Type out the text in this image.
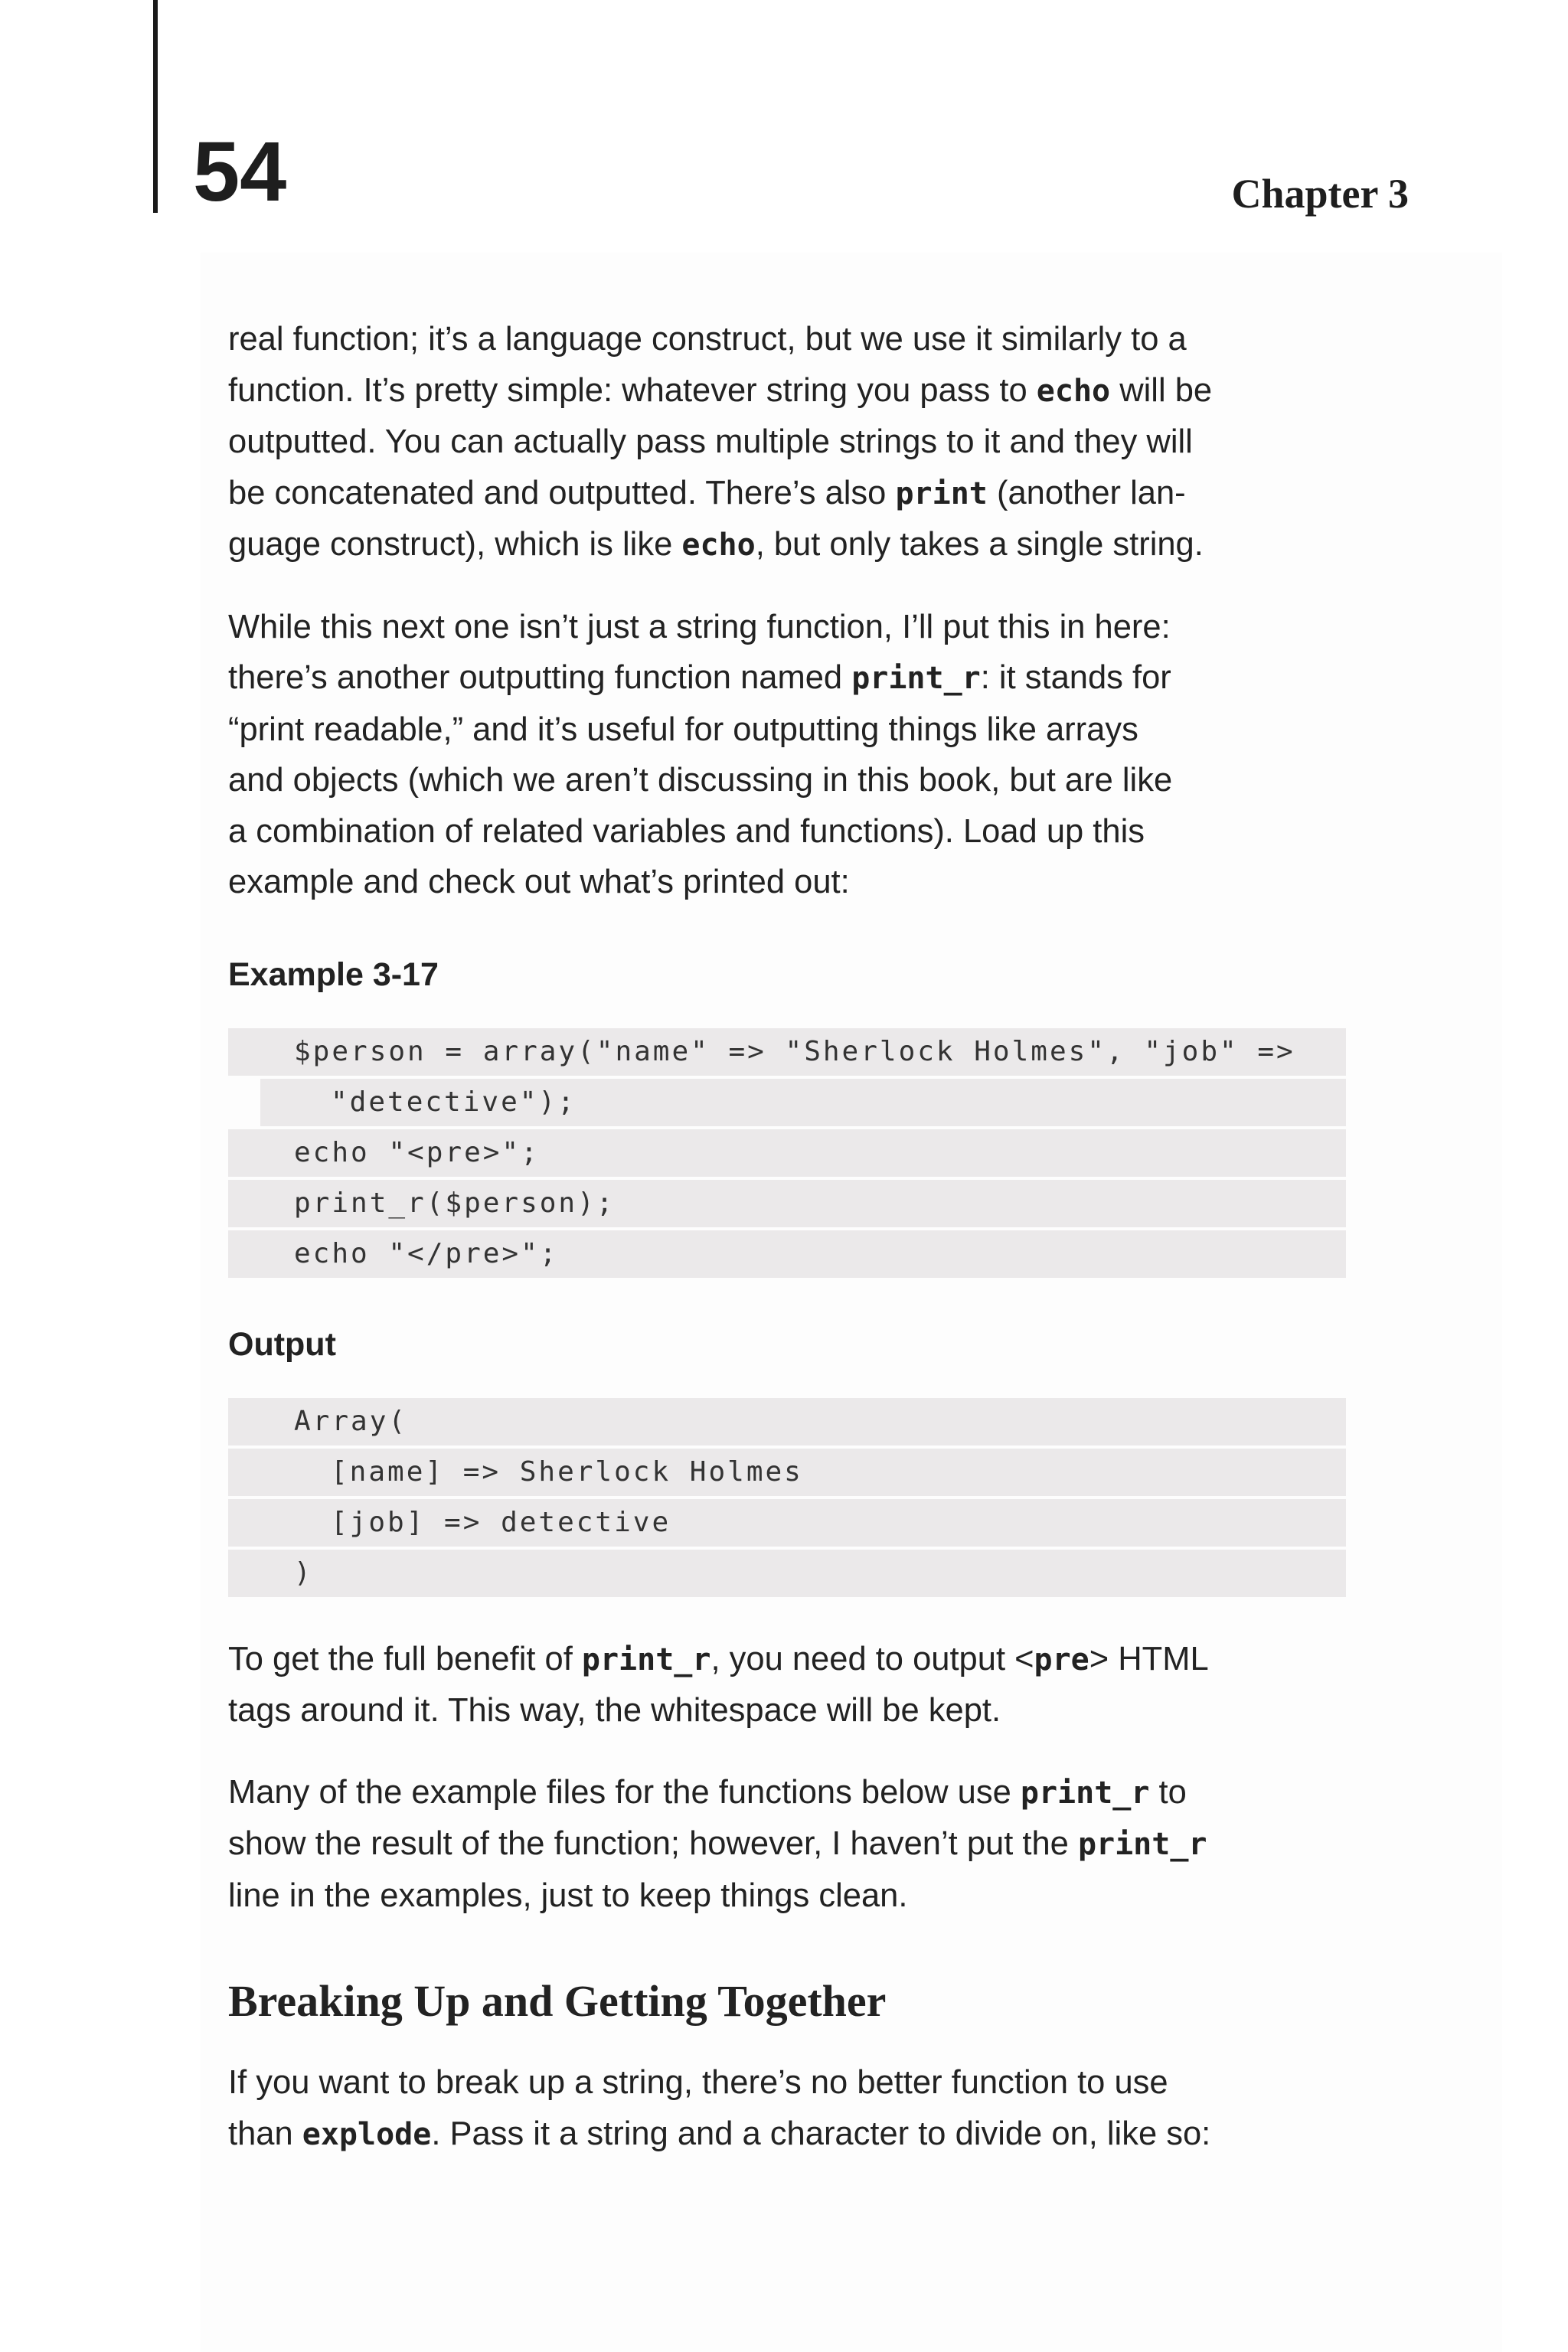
54	Chapter 3

real function; it’s a language construct, but we use it similarly to a
function. It’s pretty simple: whatever string you pass to echo will be
outputted. You can actually pass multiple strings to it and they will
be concatenated and outputted. There’s also print (another lan-
guage construct), which is like echo, but only takes a single string.

While this next one isn’t just a string function, I’ll put this in here:
there’s another outputting function named print_r: it stands for
“print readable,” and it’s useful for outputting things like arrays
and objects (which we aren’t discussing in this book, but are like
a combination of related variables and functions). Load up this
example and check out what’s printed out:

Example 3-17
$person = array("name" => "Sherlock Holmes", "job" =>
"detective");
echo "<pre>";
print_r($person);
echo "</pre>";
Output
Array(
[name] => Sherlock Holmes
[job] => detective
)

To get the full benefit of print_r, you need to output <pre> HTML
tags around it. This way, the whitespace will be kept.

Many of the example files for the functions below use print_r to
show the result of the function; however, I haven’t put the print_r
line in the examples, just to keep things clean.

Breaking Up and Getting Together

If you want to break up a string, there’s no better function to use
than explode. Pass it a string and a character to divide on, like so:
